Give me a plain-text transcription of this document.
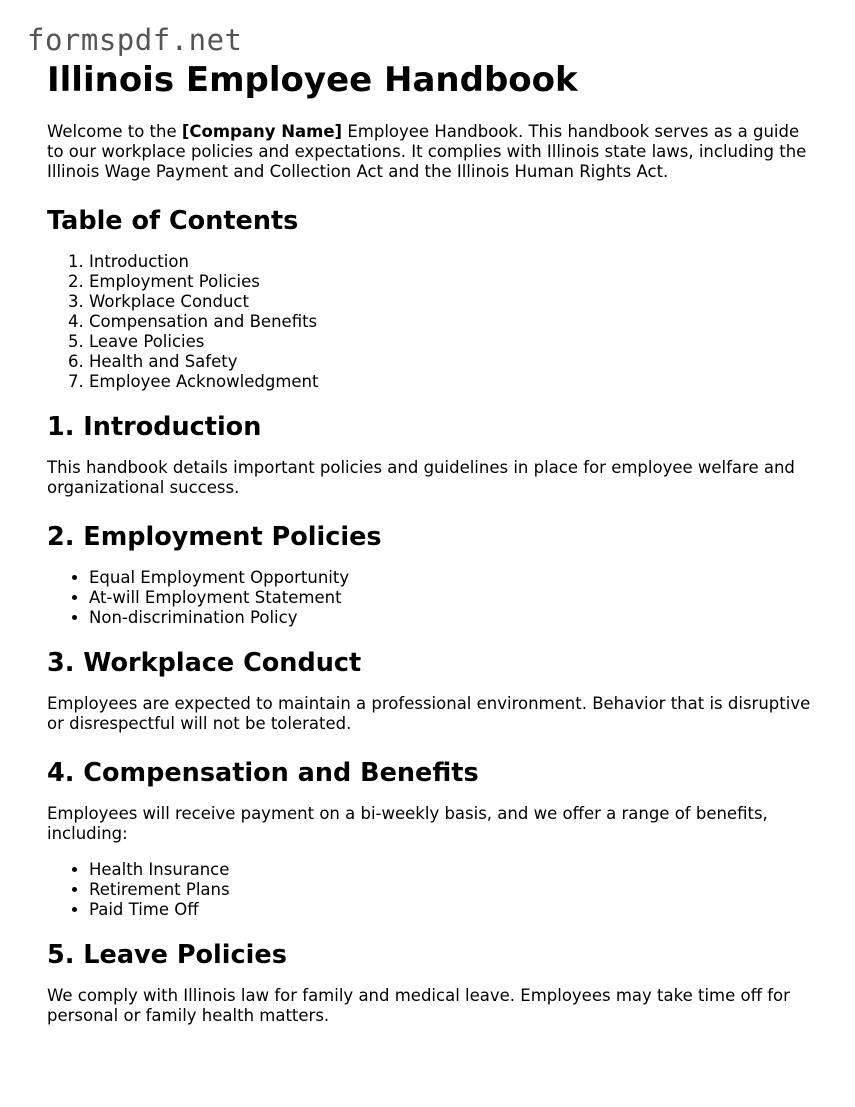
formspdf.net
Illinois Employee Handbook

Welcome to the [Company Name] Employee Handbook. This handbook serves as a guide to our workplace policies and expectations. It complies with Illinois state laws, including the Illinois Wage Payment and Collection Act and the Illinois Human Rights Act.

Table of Contents
1. Introduction
2. Employment Policies
3. Workplace Conduct
4. Compensation and Benefits
5. Leave Policies
6. Health and Safety
7. Employee Acknowledgment
1. Introduction

This handbook details important policies and guidelines in place for employee welfare and organizational success.

2. Employment Policies
• Equal Employment Opportunity
• At-will Employment Statement
• Non-discrimination Policy
3. Workplace Conduct

Employees are expected to maintain a professional environment. Behavior that is disruptive or disrespectful will not be tolerated.

4. Compensation and Benefits

Employees will receive payment on a bi-weekly basis, and we offer a range of benefits, including:

• Health Insurance
• Retirement Plans
• Paid Time Off
5. Leave Policies

We comply with Illinois law for family and medical leave. Employees may take time off for personal or family health matters.
